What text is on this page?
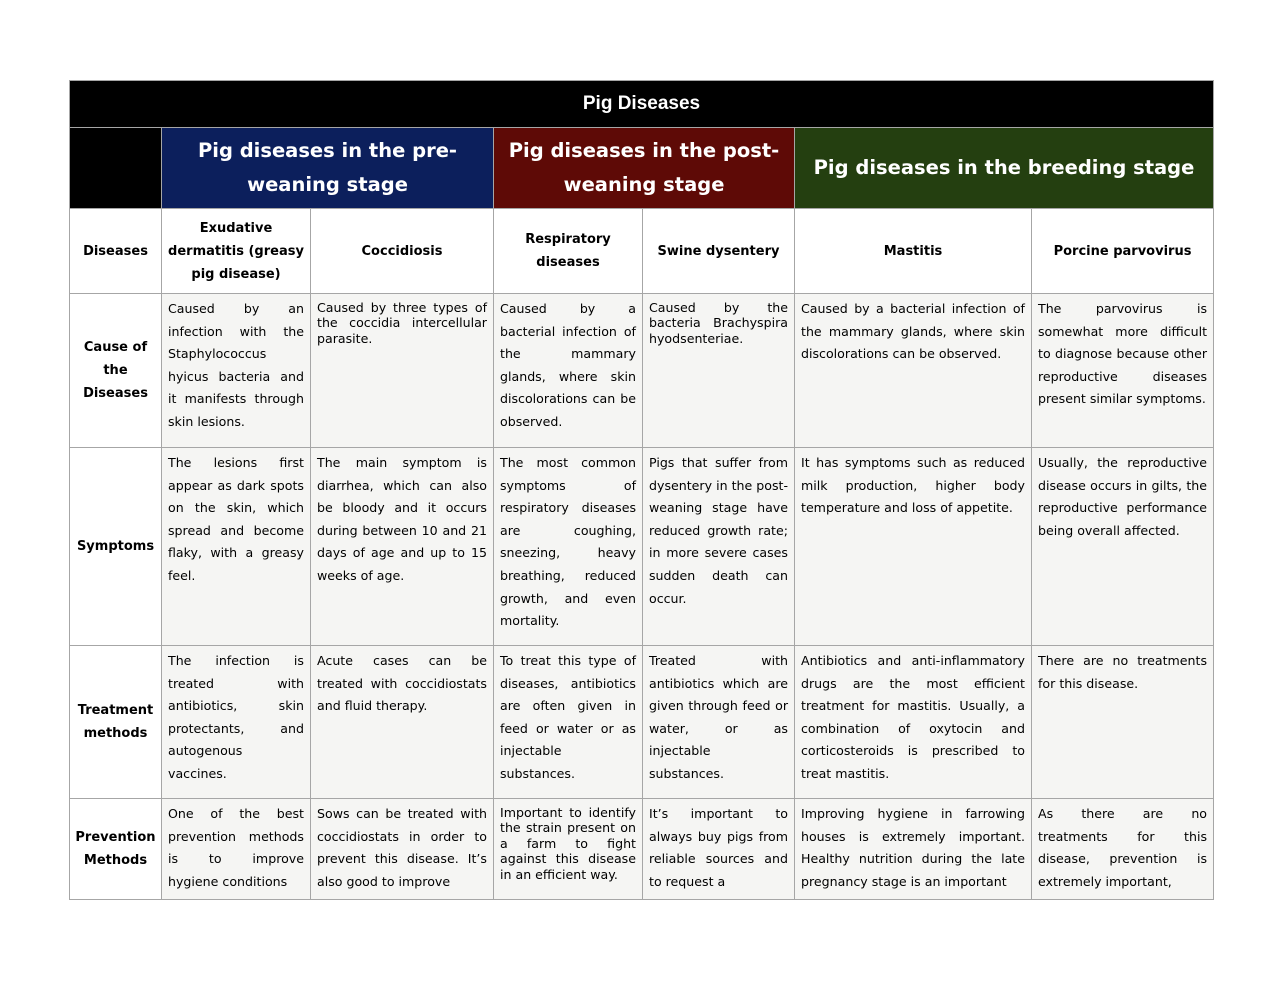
Pig Diseases						
	Pig diseases in the pre-weaning stage		Pig diseases in the post-weaning stage		Pig diseases in the breeding stage	
Diseases	Exudative dermatitis (greasy pig disease)	Coccidiosis	Respiratory diseases	Swine dysentery	Mastitis	Porcine parvovirus
Cause of the Diseases	Caused by an infection with the Staphylococcus hyicus bacteria and it manifests through skin lesions.	Caused by three types of the coccidia intercellular parasite.	Caused by a bacterial infection of the mammary glands, where skin discolorations can be observed.	Caused by the bacteria Brachyspira hyodsenteriae.	Caused by a bacterial infection of the mammary glands, where skin discolorations can be observed.	The parvovirus is somewhat more difficult to diagnose because other reproductive diseases present similar symptoms.
Symptoms	The lesions first appear as dark spots on the skin, which spread and become flaky, with a greasy feel.	The main symptom is diarrhea, which can also be bloody and it occurs during between 10 and 21 days of age and up to 15 weeks of age.	The most common symptoms of respiratory diseases are coughing, sneezing, heavy breathing, reduced growth, and even mortality.	Pigs that suffer from dysentery in the post-weaning stage have reduced growth rate; in more severe cases sudden death can occur.	It has symptoms such as reduced milk production, higher body temperature and loss of appetite.	Usually, the reproductive disease occurs in gilts, the reproductive performance being overall affected.
Treatment methods	The infection is treated with antibiotics, skin protectants, and autogenous vaccines.	Acute cases can be treated with coccidiostats and fluid therapy.	To treat this type of diseases, antibiotics are often given in feed or water or as injectable substances.	Treated with antibiotics which are given through feed or water, or as injectable substances.	Antibiotics and anti-inflammatory drugs are the most efficient treatment for mastitis. Usually, a combination of oxytocin and corticosteroids is prescribed to treat mastitis.	There are no treatments for this disease.
Prevention Methods	One of the best prevention methods is to improve hygiene conditions	Sows can be treated with coccidiostats in order to prevent this disease. It’s also good to improve	Important to identify the strain present on a farm to fight against this disease in an efficient way.	It’s important to always buy pigs from reliable sources and to request a	Improving hygiene in farrowing houses is extremely important. Healthy nutrition during the late pregnancy stage is an important	As there are no treatments for this disease, prevention is extremely important,
